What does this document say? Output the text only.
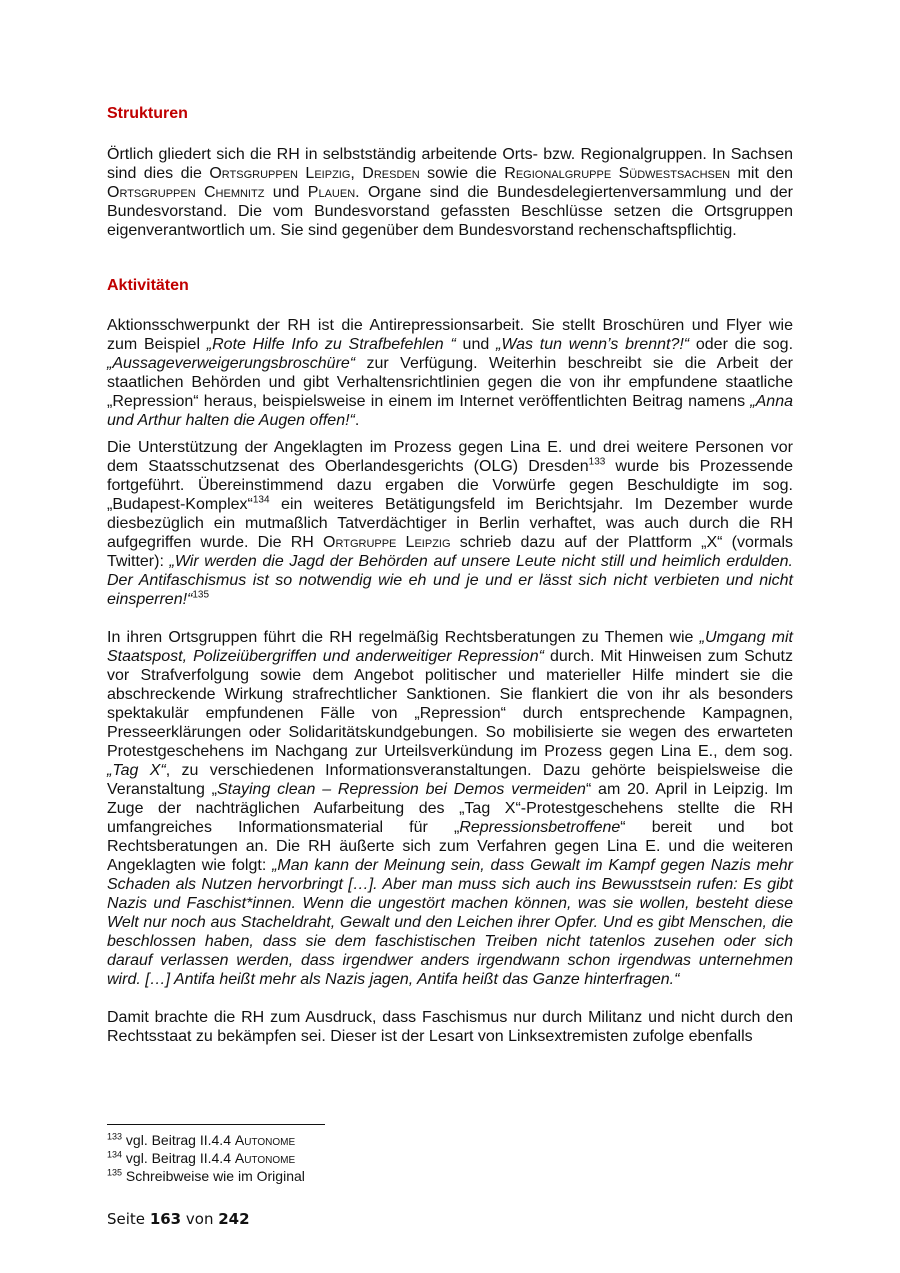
Strukturen

Örtlich gliedert sich die RH in selbstständig arbeitende Orts- bzw. Regionalgruppen. In Sachsen sind dies die Ortsgruppen Leipzig, Dresden sowie die Regionalgruppe Südwestsachsen mit den Ortsgruppen Chemnitz und Plauen. Organe sind die Bundesdelegiertenversammlung und der Bundesvorstand. Die vom Bundesvorstand gefassten Beschlüsse setzen die Ortsgruppen eigenverantwortlich um. Sie sind gegenüber dem Bundesvorstand rechenschaftspflichtig.

Aktivitäten

Aktionsschwerpunkt der RH ist die Antirepressionsarbeit. Sie stellt Broschüren und Flyer wie zum Beispiel „Rote Hilfe Info zu Strafbefehlen “ und „Was tun wenn’s brennt?!“ oder die sog. „Aussageverweigerungsbroschüre“ zur Verfügung. Weiterhin beschreibt sie die Arbeit der staatlichen Behörden und gibt Verhaltensrichtlinien gegen die von ihr empfundene staatliche „Repression“ heraus, beispielsweise in einem im Internet veröffentlichten Beitrag namens „Anna und Arthur halten die Augen offen!“.

Die Unterstützung der Angeklagten im Prozess gegen Lina E. und drei weitere Personen vor dem Staatsschutzsenat des Oberlandesgerichts (OLG) Dresden$^{133}$ wurde bis Prozessende fortgeführt. Übereinstimmend dazu ergaben die Vorwürfe gegen Beschuldigte im sog. „Budapest-Komplex“$^{134}$ ein weiteres Betätigungsfeld im Berichtsjahr. Im Dezember wurde diesbezüglich ein mutmaßlich Tatverdächtiger in Berlin verhaftet, was auch durch die RH aufgegriffen wurde. Die RH Ortgruppe Leipzig schrieb dazu auf der Plattform „X“ (vormals Twitter): „Wir werden die Jagd der Behörden auf unsere Leute nicht still und heimlich erdulden. Der Antifaschismus ist so notwendig wie eh und je und er lässt sich nicht verbieten und nicht einsperren!“$^{135}$

In ihren Ortsgruppen führt die RH regelmäßig Rechtsberatungen zu Themen wie „Umgang mit Staatspost, Polizeiübergriffen und anderweitiger Repression“ durch. Mit Hinweisen zum Schutz vor Strafverfolgung sowie dem Angebot politischer und materieller Hilfe mindert sie die abschreckende Wirkung strafrechtlicher Sanktionen. Sie flankiert die von ihr als besonders spektakulär empfundenen Fälle von „Repression“ durch entsprechende Kampagnen, Presseerklärungen oder Solidaritätskundgebungen. So mobilisierte sie wegen des erwarteten Protestgeschehens im Nachgang zur Urteilsverkündung im Prozess gegen Lina E., dem sog. „Tag X“, zu verschiedenen Informationsveranstaltungen. Dazu gehörte beispielsweise die Veranstaltung „Staying clean – Repression bei Demos vermeiden“ am 20. April in Leipzig. Im Zuge der nachträglichen Aufarbeitung des „Tag X“-Protestgeschehens stellte die RH umfangreiches Informationsmaterial für „Repressionsbetroffene“ bereit und bot Rechtsberatungen an. Die RH äußerte sich zum Verfahren gegen Lina E. und die weiteren Angeklagten wie folgt: „Man kann der Meinung sein, dass Gewalt im Kampf gegen Nazis mehr Schaden als Nutzen hervorbringt […]. Aber man muss sich auch ins Bewusstsein rufen: Es gibt Nazis und Faschist*innen. Wenn die ungestört machen können, was sie wollen, besteht diese Welt nur noch aus Stacheldraht, Gewalt und den Leichen ihrer Opfer. Und es gibt Menschen, die beschlossen haben, dass sie dem faschistischen Treiben nicht tatenlos zusehen oder sich darauf verlassen werden, dass irgendwer anders irgendwann schon irgendwas unternehmen wird. […] Antifa heißt mehr als Nazis jagen, Antifa heißt das Ganze hinterfragen.“

Damit brachte die RH zum Ausdruck, dass Faschismus nur durch Militanz und nicht durch den Rechtsstaat zu bekämpfen sei. Dieser ist der Lesart von Linksextremisten zufolge ebenfalls

$^{133}$ vgl. Beitrag II.4.4 Autonome
$^{134}$ vgl. Beitrag II.4.4 Autonome
$^{135}$ Schreibweise wie im Original
Seite 163 von 242
